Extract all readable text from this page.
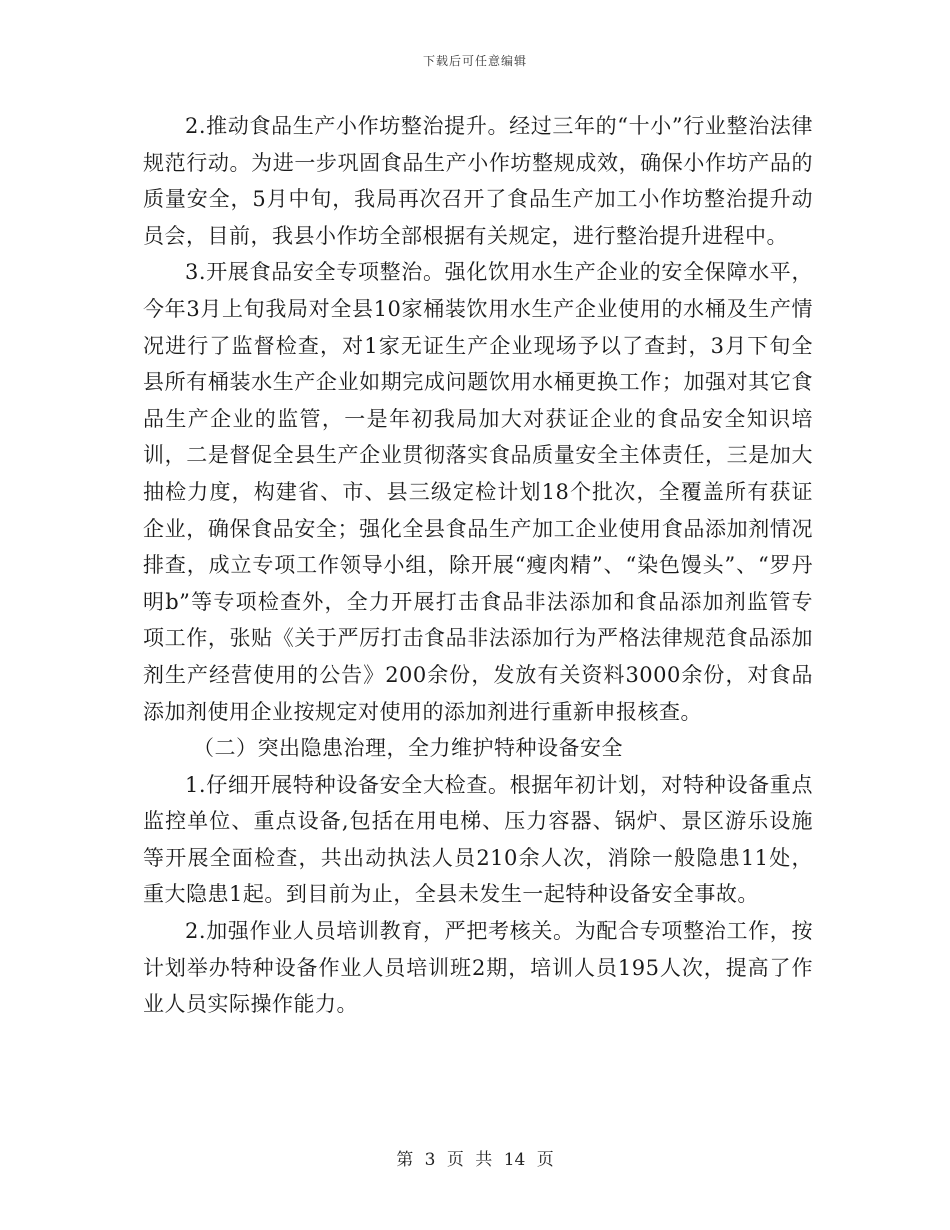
下载后可任意编辑

2.推动食品生产小作坊整治提升。经过三年的“十小”行业整治法律规范行动。为进一步巩固食品生产小作坊整规成效，确保小作坊产品的质量安全，5月中旬，我局再次召开了食品生产加工小作坊整治提升动员会，目前，我县小作坊全部根据有关规定，进行整治提升进程中。

3.开展食品安全专项整治。强化饮用水生产企业的安全保障水平，今年3月上旬我局对全县10家桶装饮用水生产企业使用的水桶及生产情况进行了监督检查，对1家无证生产企业现场予以了查封，3月下旬全县所有桶装水生产企业如期完成问题饮用水桶更换工作；加强对其它食品生产企业的监管，一是年初我局加大对获证企业的食品安全知识培训，二是督促全县生产企业贯彻落实食品质量安全主体责任，三是加大抽检力度，构建省、市、县三级定检计划18个批次，全覆盖所有获证企业，确保食品安全；强化全县食品生产加工企业使用食品添加剂情况排查，成立专项工作领导小组，除开展“瘦肉精”、“染色馒头”、“罗丹明b”等专项检查外，全力开展打击食品非法添加和食品添加剂监管专项工作，张贴《关于严厉打击食品非法添加行为严格法律规范食品添加剂生产经营使用的公告》200余份，发放有关资料3000余份，对食品添加剂使用企业按规定对使用的添加剂进行重新申报核查。

（二）突出隐患治理，全力维护特种设备安全

1.仔细开展特种设备安全大检查。根据年初计划，对特种设备重点监控单位、重点设备,包括在用电梯、压力容器、锅炉、景区游乐设施等开展全面检查，共出动执法人员210余人次，消除一般隐患11处，重大隐患1起。到目前为止，全县未发生一起特种设备安全事故。

2.加强作业人员培训教育，严把考核关。为配合专项整治工作，按计划举办特种设备作业人员培训班2期，培训人员195人次，提高了作业人员实际操作能力。

第 3 页 共 14 页
